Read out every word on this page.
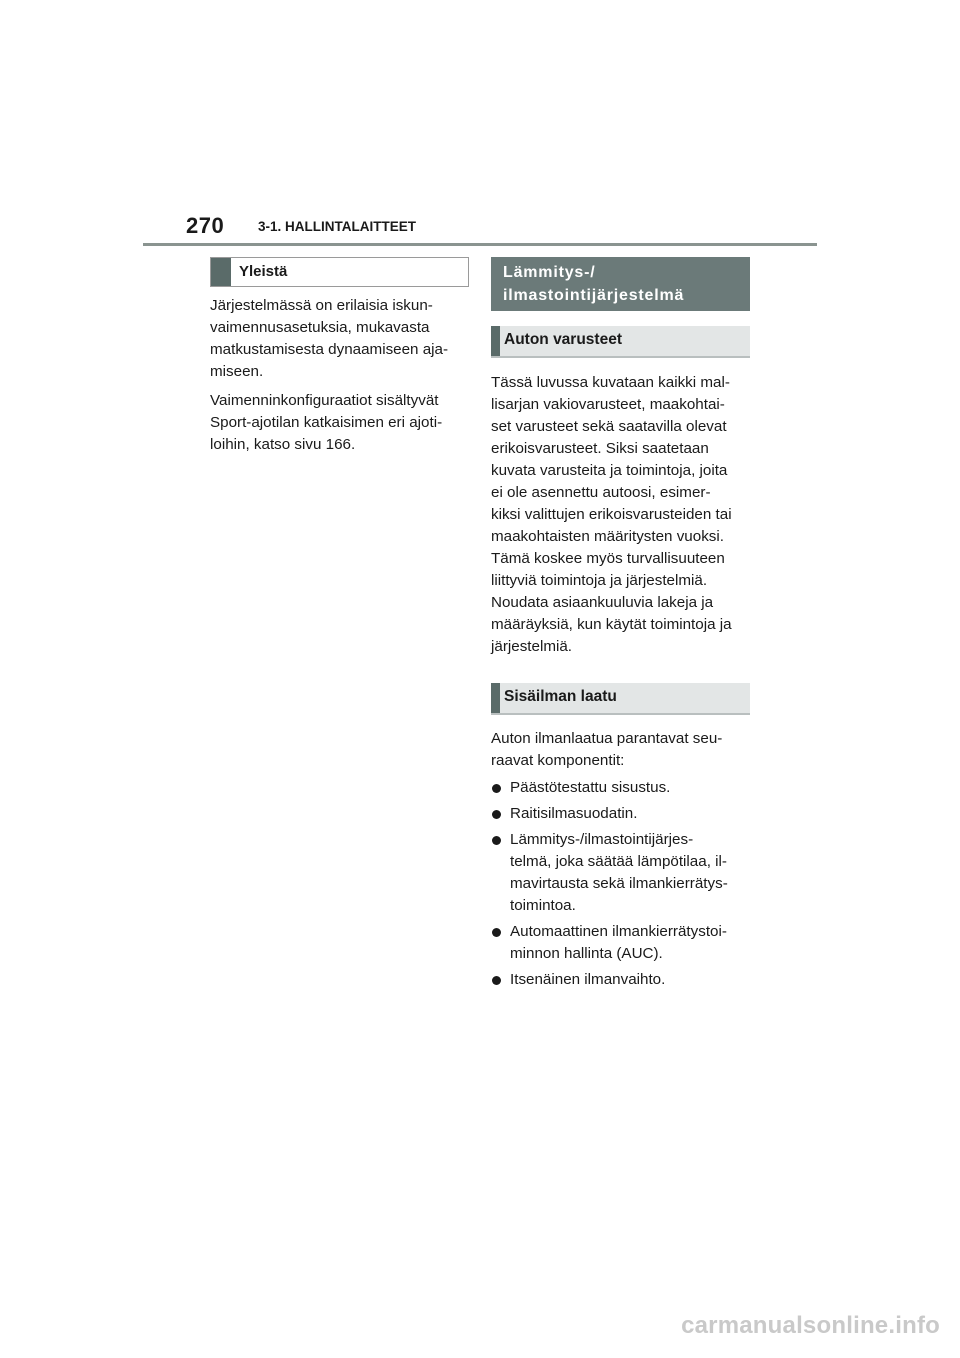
270	3-1. HALLINTALAITTEET
Yleistä

Järjestelmässä on erilaisia iskun-
vaimennusasetuksia, mukavasta
matkustamisesta dynaamiseen aja-
miseen.

Vaimenninkonfiguraatiot sisältyvät
Sport-ajotilan katkaisimen eri ajoti-
loihin, katso sivu 166.

Lämmitys-/
ilmastointijärjestelmä
Auton varusteet

Tässä luvussa kuvataan kaikki mal-
lisarjan vakiovarusteet, maakohtai-
set varusteet sekä saatavilla olevat
erikoisvarusteet. Siksi saatetaan
kuvata varusteita ja toimintoja, joita
ei ole asennettu autoosi, esimer-
kiksi valittujen erikoisvarusteiden tai
maakohtaisten määritysten vuoksi.
Tämä koskee myös turvallisuuteen
liittyviä toimintoja ja järjestelmiä.
Noudata asiaankuuluvia lakeja ja
määräyksiä, kun käytät toimintoja ja
järjestelmiä.

Sisäilman laatu

Auton ilmanlaatua parantavat seu-
raavat komponentit:

Päästötestattu sisustus.
Raitisilmasuodatin.
Lämmitys-/ilmastointijärjes-
telmä, joka säätää lämpötilaa, il-
mavirtausta sekä ilmankierrätys-
toimintoa.
Automaattinen ilmankierrätystoi-
minnon hallinta (AUC).
Itsenäinen ilmanvaihto.
carmanualsonline.info
